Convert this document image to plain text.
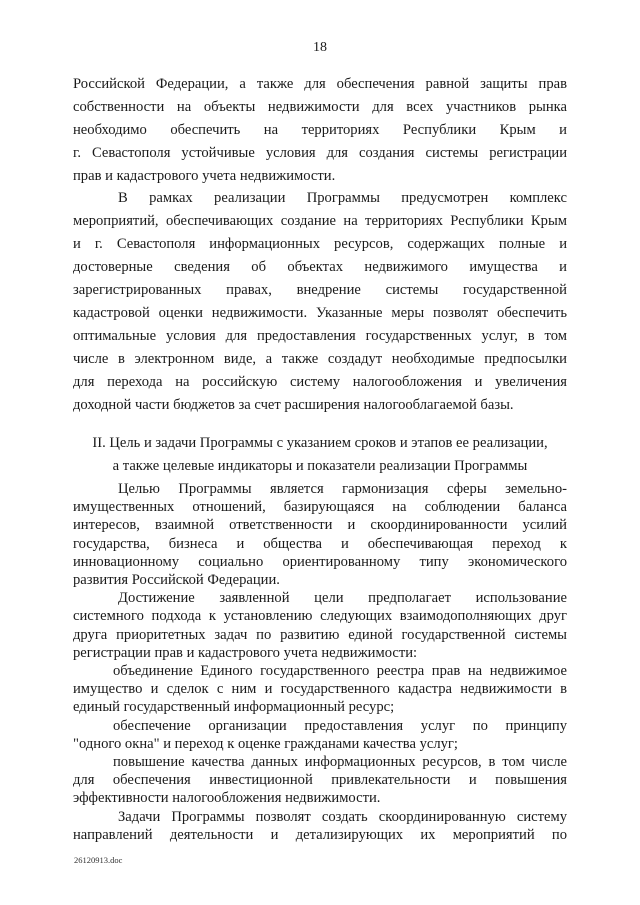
18
Российской Федерации, а также для обеспечения равной защиты прав
собственности на объекты недвижимости для всех участников рынка
необходимо обеспечить на территориях Республики Крым и
г. Севастополя устойчивые условия для создания системы регистрации
прав и кадастрового учета недвижимости.
В рамках реализации Программы предусмотрен комплекс
мероприятий, обеспечивающих создание на территориях Республики Крым
и г. Севастополя информационных ресурсов, содержащих полные и
достоверные сведения об объектах недвижимого имущества и
зарегистрированных правах, внедрение системы государственной
кадастровой оценки недвижимости. Указанные меры позволят обеспечить
оптимальные условия для предоставления государственных услуг, в том
числе в электронном виде, а также создадут необходимые предпосылки
для перехода на российскую систему налогообложения и увеличения
доходной части бюджетов за счет расширения налогооблагаемой базы.
II. Цель и задачи Программы с указанием сроков и этапов ее реализации,
а также целевые индикаторы и показатели реализации Программы
Целью Программы является гармонизация сферы земельно-
имущественных отношений, базирующаяся на соблюдении баланса
интересов, взаимной ответственности и скоординированности усилий
государства, бизнеса и общества и обеспечивающая переход к
инновационному социально ориентированному типу экономического
развития Российской Федерации.
Достижение заявленной цели предполагает использование
системного подхода к установлению следующих взаимодополняющих друг
друга приоритетных задач по развитию единой государственной системы
регистрации прав и кадастрового учета недвижимости:
объединение Единого государственного реестра прав на недвижимое
имущество и сделок с ним и государственного кадастра недвижимости в
единый государственный информационный ресурс;
обеспечение организации предоставления услуг по принципу
"одного окна" и переход к оценке гражданами качества услуг;
повышение качества данных информационных ресурсов, в том числе
для обеспечения инвестиционной привлекательности и повышения
эффективности налогообложения недвижимости.
Задачи Программы позволят создать скоординированную систему
направлений деятельности и детализирующих их мероприятий по
26120913.doc
